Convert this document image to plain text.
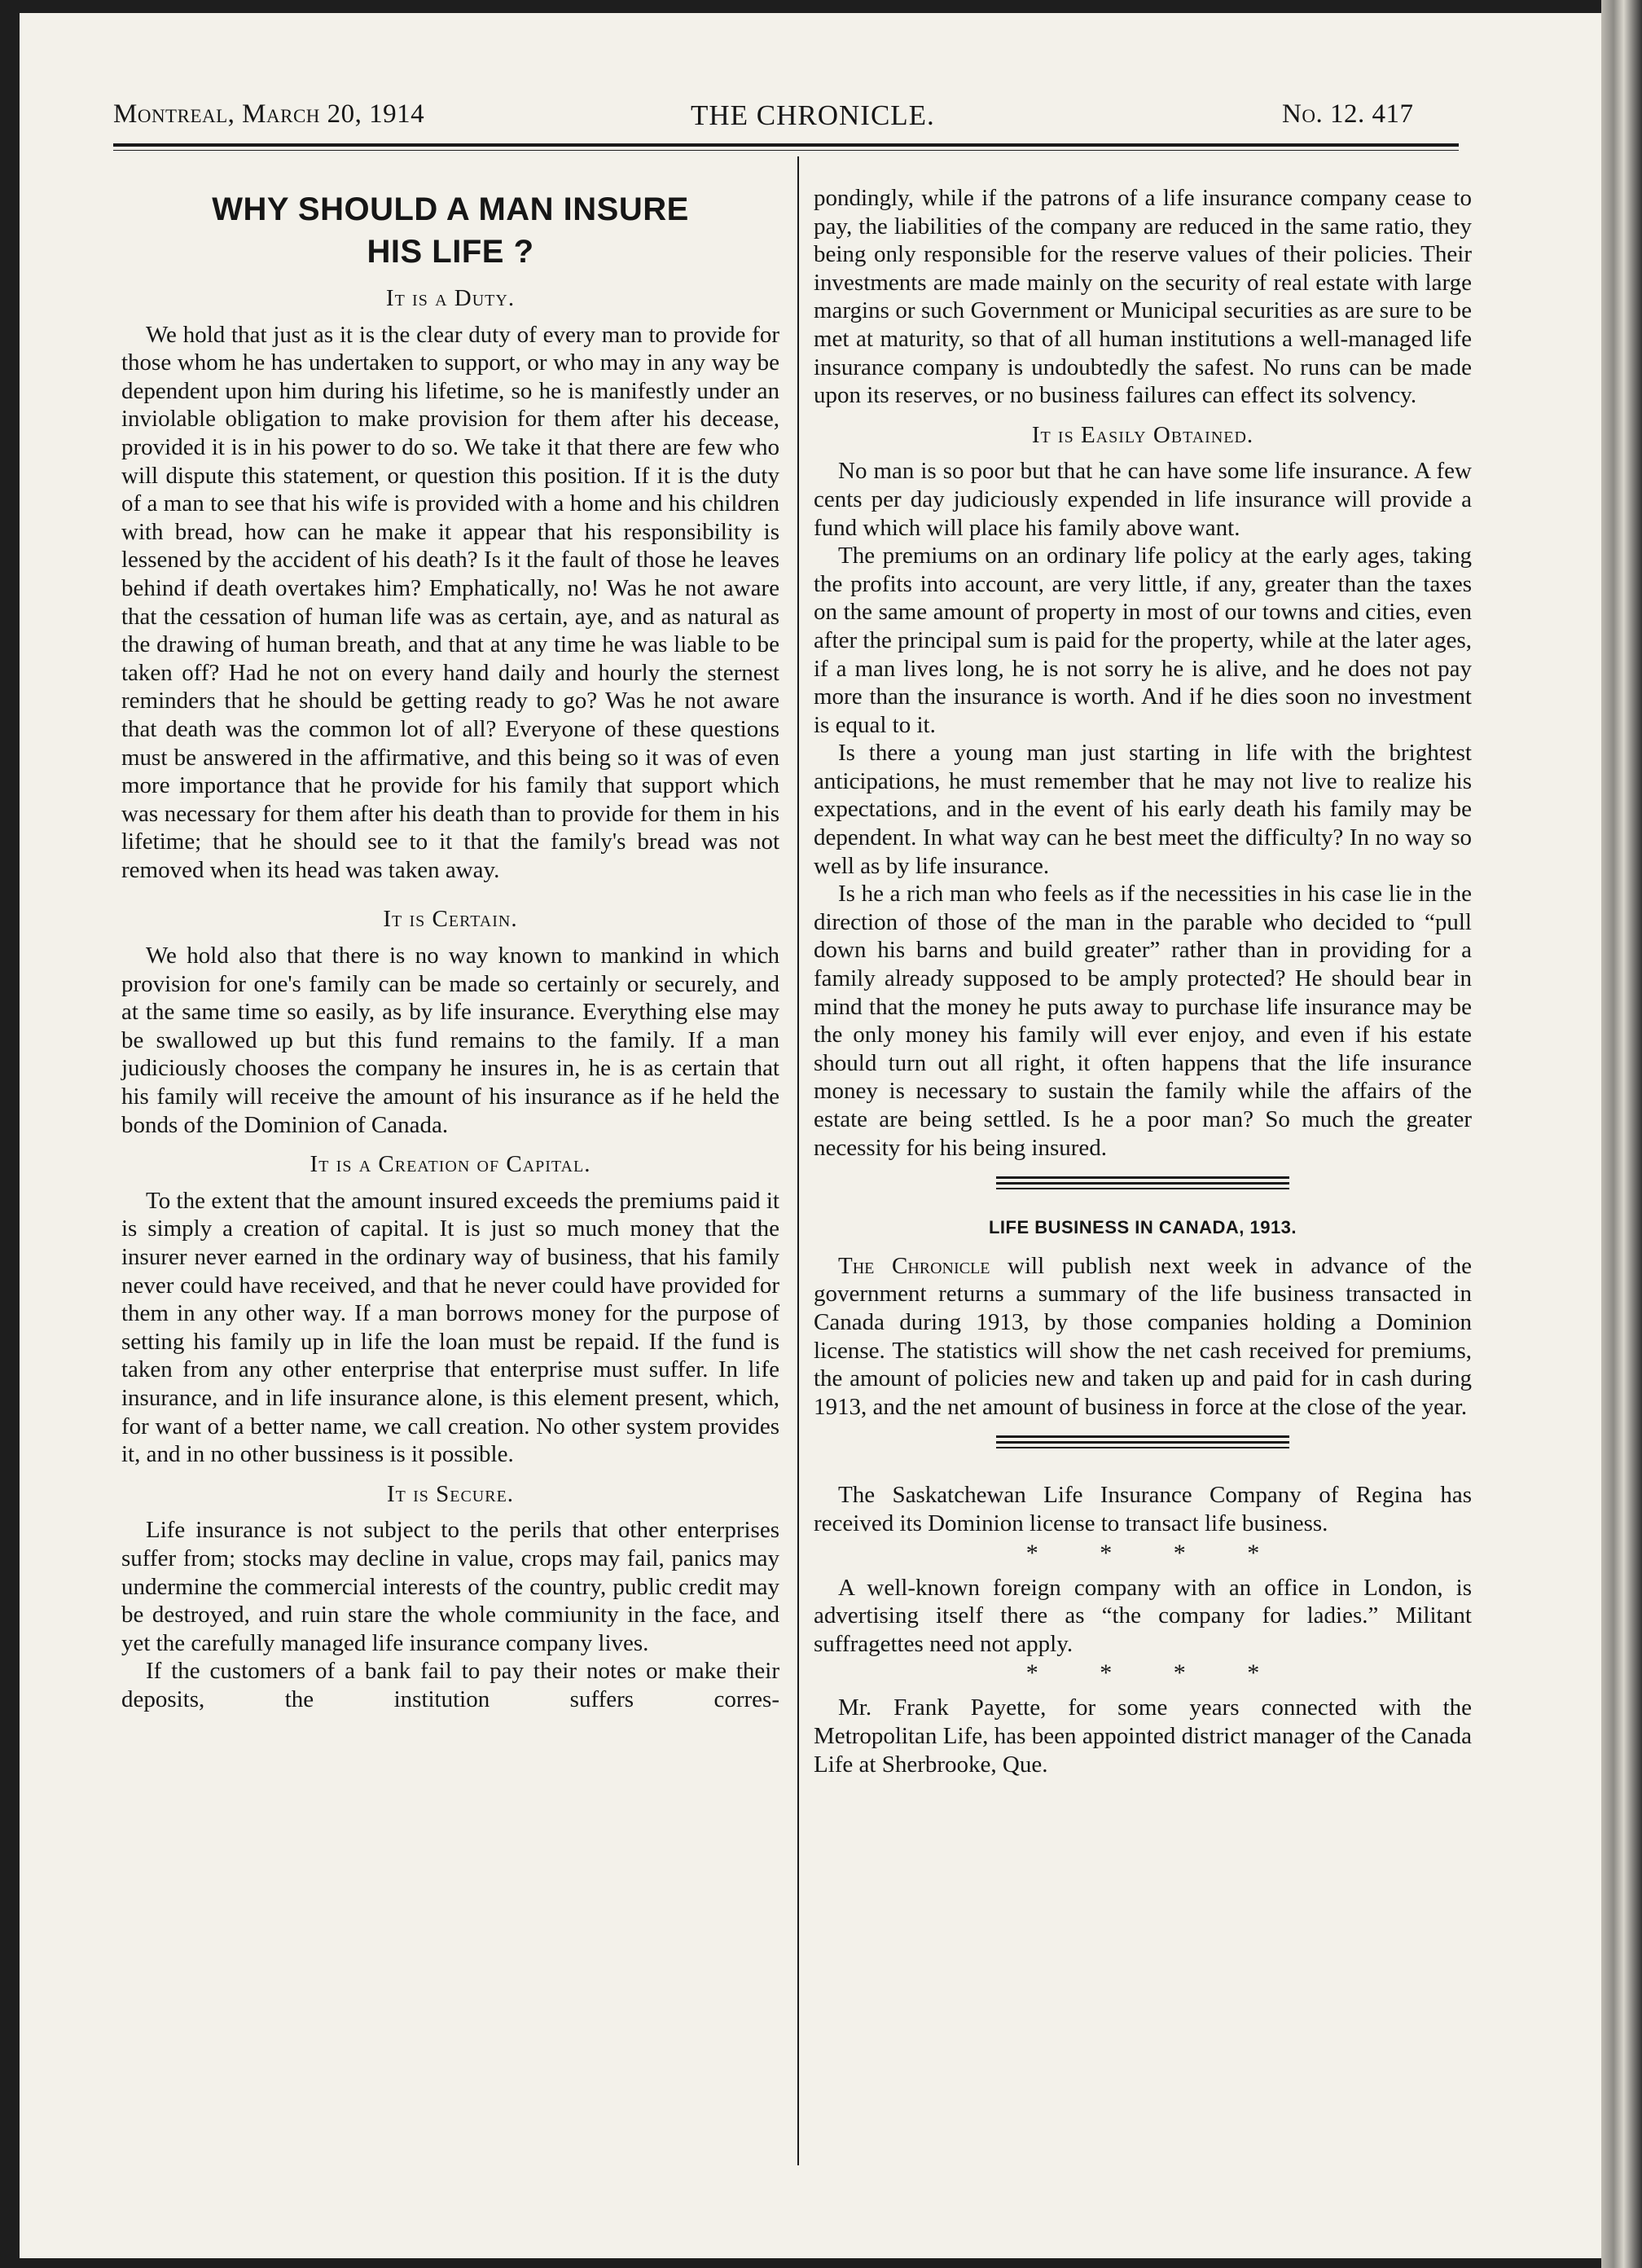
Montreal, March 20, 1914	THE CHRONICLE.	No. 12. 417
WHY SHOULD A MAN INSURE
HIS LIFE ?
It is a Duty.

We hold that just as it is the clear duty of every man to provide for those whom he has undertaken to support, or who may in any way be dependent upon him during his lifetime, so he is manifestly under an inviolable obligation to make provision for them after his decease, provided it is in his power to do so. We take it that there are few who will dispute this statement, or question this position. If it is the duty of a man to see that his wife is provided with a home and his children with bread, how can he make it appear that his responsibility is lessened by the accident of his death? Is it the fault of those he leaves behind if death overtakes him? Emphatically, no! Was he not aware that the cessation of human life was as certain, aye, and as natural as the drawing of human breath, and that at any time he was liable to be taken off? Had he not on every hand daily and hourly the sternest reminders that he should be getting ready to go? Was he not aware that death was the common lot of all? Everyone of these questions must be answered in the affirmative, and this being so it was of even more importance that he provide for his family that support which was necessary for them after his death than to provide for them in his lifetime; that he should see to it that the family's bread was not removed when its head was taken away.

It is Certain.

We hold also that there is no way known to mankind in which provision for one's family can be made so certainly or securely, and at the same time so easily, as by life insurance. Everything else may be swallowed up but this fund remains to the family. If a man judiciously chooses the company he insures in, he is as certain that his family will receive the amount of his insurance as if he held the bonds of the Dominion of Canada.

It is a Creation of Capital.

To the extent that the amount insured exceeds the premiums paid it is simply a creation of capital. It is just so much money that the insurer never earned in the ordinary way of business, that his family never could have received, and that he never could have provided for them in any other way. If a man borrows money for the purpose of setting his family up in life the loan must be repaid. If the fund is taken from any other enterprise that enterprise must suffer. In life insurance, and in life insurance alone, is this element present, which, for want of a better name, we call creation. No other system provides it, and in no other bussiness is it possible.

It is Secure.

Life insurance is not subject to the perils that other enterprises suffer from; stocks may decline in value, crops may fail, panics may undermine the commercial interests of the country, public credit may be destroyed, and ruin stare the whole commiunity in the face, and yet the carefully managed life insurance company lives.

If the customers of a bank fail to pay their notes or make their deposits, the institution suffers corres-

pondingly, while if the patrons of a life insurance company cease to pay, the liabilities of the company are reduced in the same ratio, they being only responsible for the reserve values of their policies. Their investments are made mainly on the security of real estate with large margins or such Government or Municipal securities as are sure to be met at maturity, so that of all human institutions a well-managed life insurance company is undoubtedly the safest. No runs can be made upon its reserves, or no business failures can effect its solvency.

It is Easily Obtained.

No man is so poor but that he can have some life insurance. A few cents per day judiciously expended in life insurance will provide a fund which will place his family above want.

The premiums on an ordinary life policy at the early ages, taking the profits into account, are very little, if any, greater than the taxes on the same amount of property in most of our towns and cities, even after the principal sum is paid for the property, while at the later ages, if a man lives long, he is not sorry he is alive, and he does not pay more than the insurance is worth. And if he dies soon no investment is equal to it.

Is there a young man just starting in life with the brightest anticipations, he must remember that he may not live to realize his expectations, and in the event of his early death his family may be dependent. In what way can he best meet the difficulty? In no way so well as by life insurance.

Is he a rich man who feels as if the necessities in his case lie in the direction of those of the man in the parable who decided to “pull down his barns and build greater” rather than in providing for a family already supposed to be amply protected? He should bear in mind that the money he puts away to purchase life insurance may be the only money his family will ever enjoy, and even if his estate should turn out all right, it often happens that the life insurance money is necessary to sustain the family while the affairs of the estate are being settled. Is he a poor man? So much the greater necessity for his being insured.

LIFE BUSINESS IN CANADA, 1913.

The Chronicle will publish next week in advance of the government returns a summary of the life business transacted in Canada during 1913, by those companies holding a Dominion license. The statistics will show the net cash received for premiums, the amount of policies new and taken up and paid for in cash during 1913, and the net amount of business in force at the close of the year.

The Saskatchewan Life Insurance Company of Regina has received its Dominion license to transact life business.

* * * *

A well-known foreign company with an office in London, is advertising itself there as “the company for ladies.” Militant suffragettes need not apply.

* * * *

Mr. Frank Payette, for some years connected with the Metropolitan Life, has been appointed district manager of the Canada Life at Sherbrooke, Que.
